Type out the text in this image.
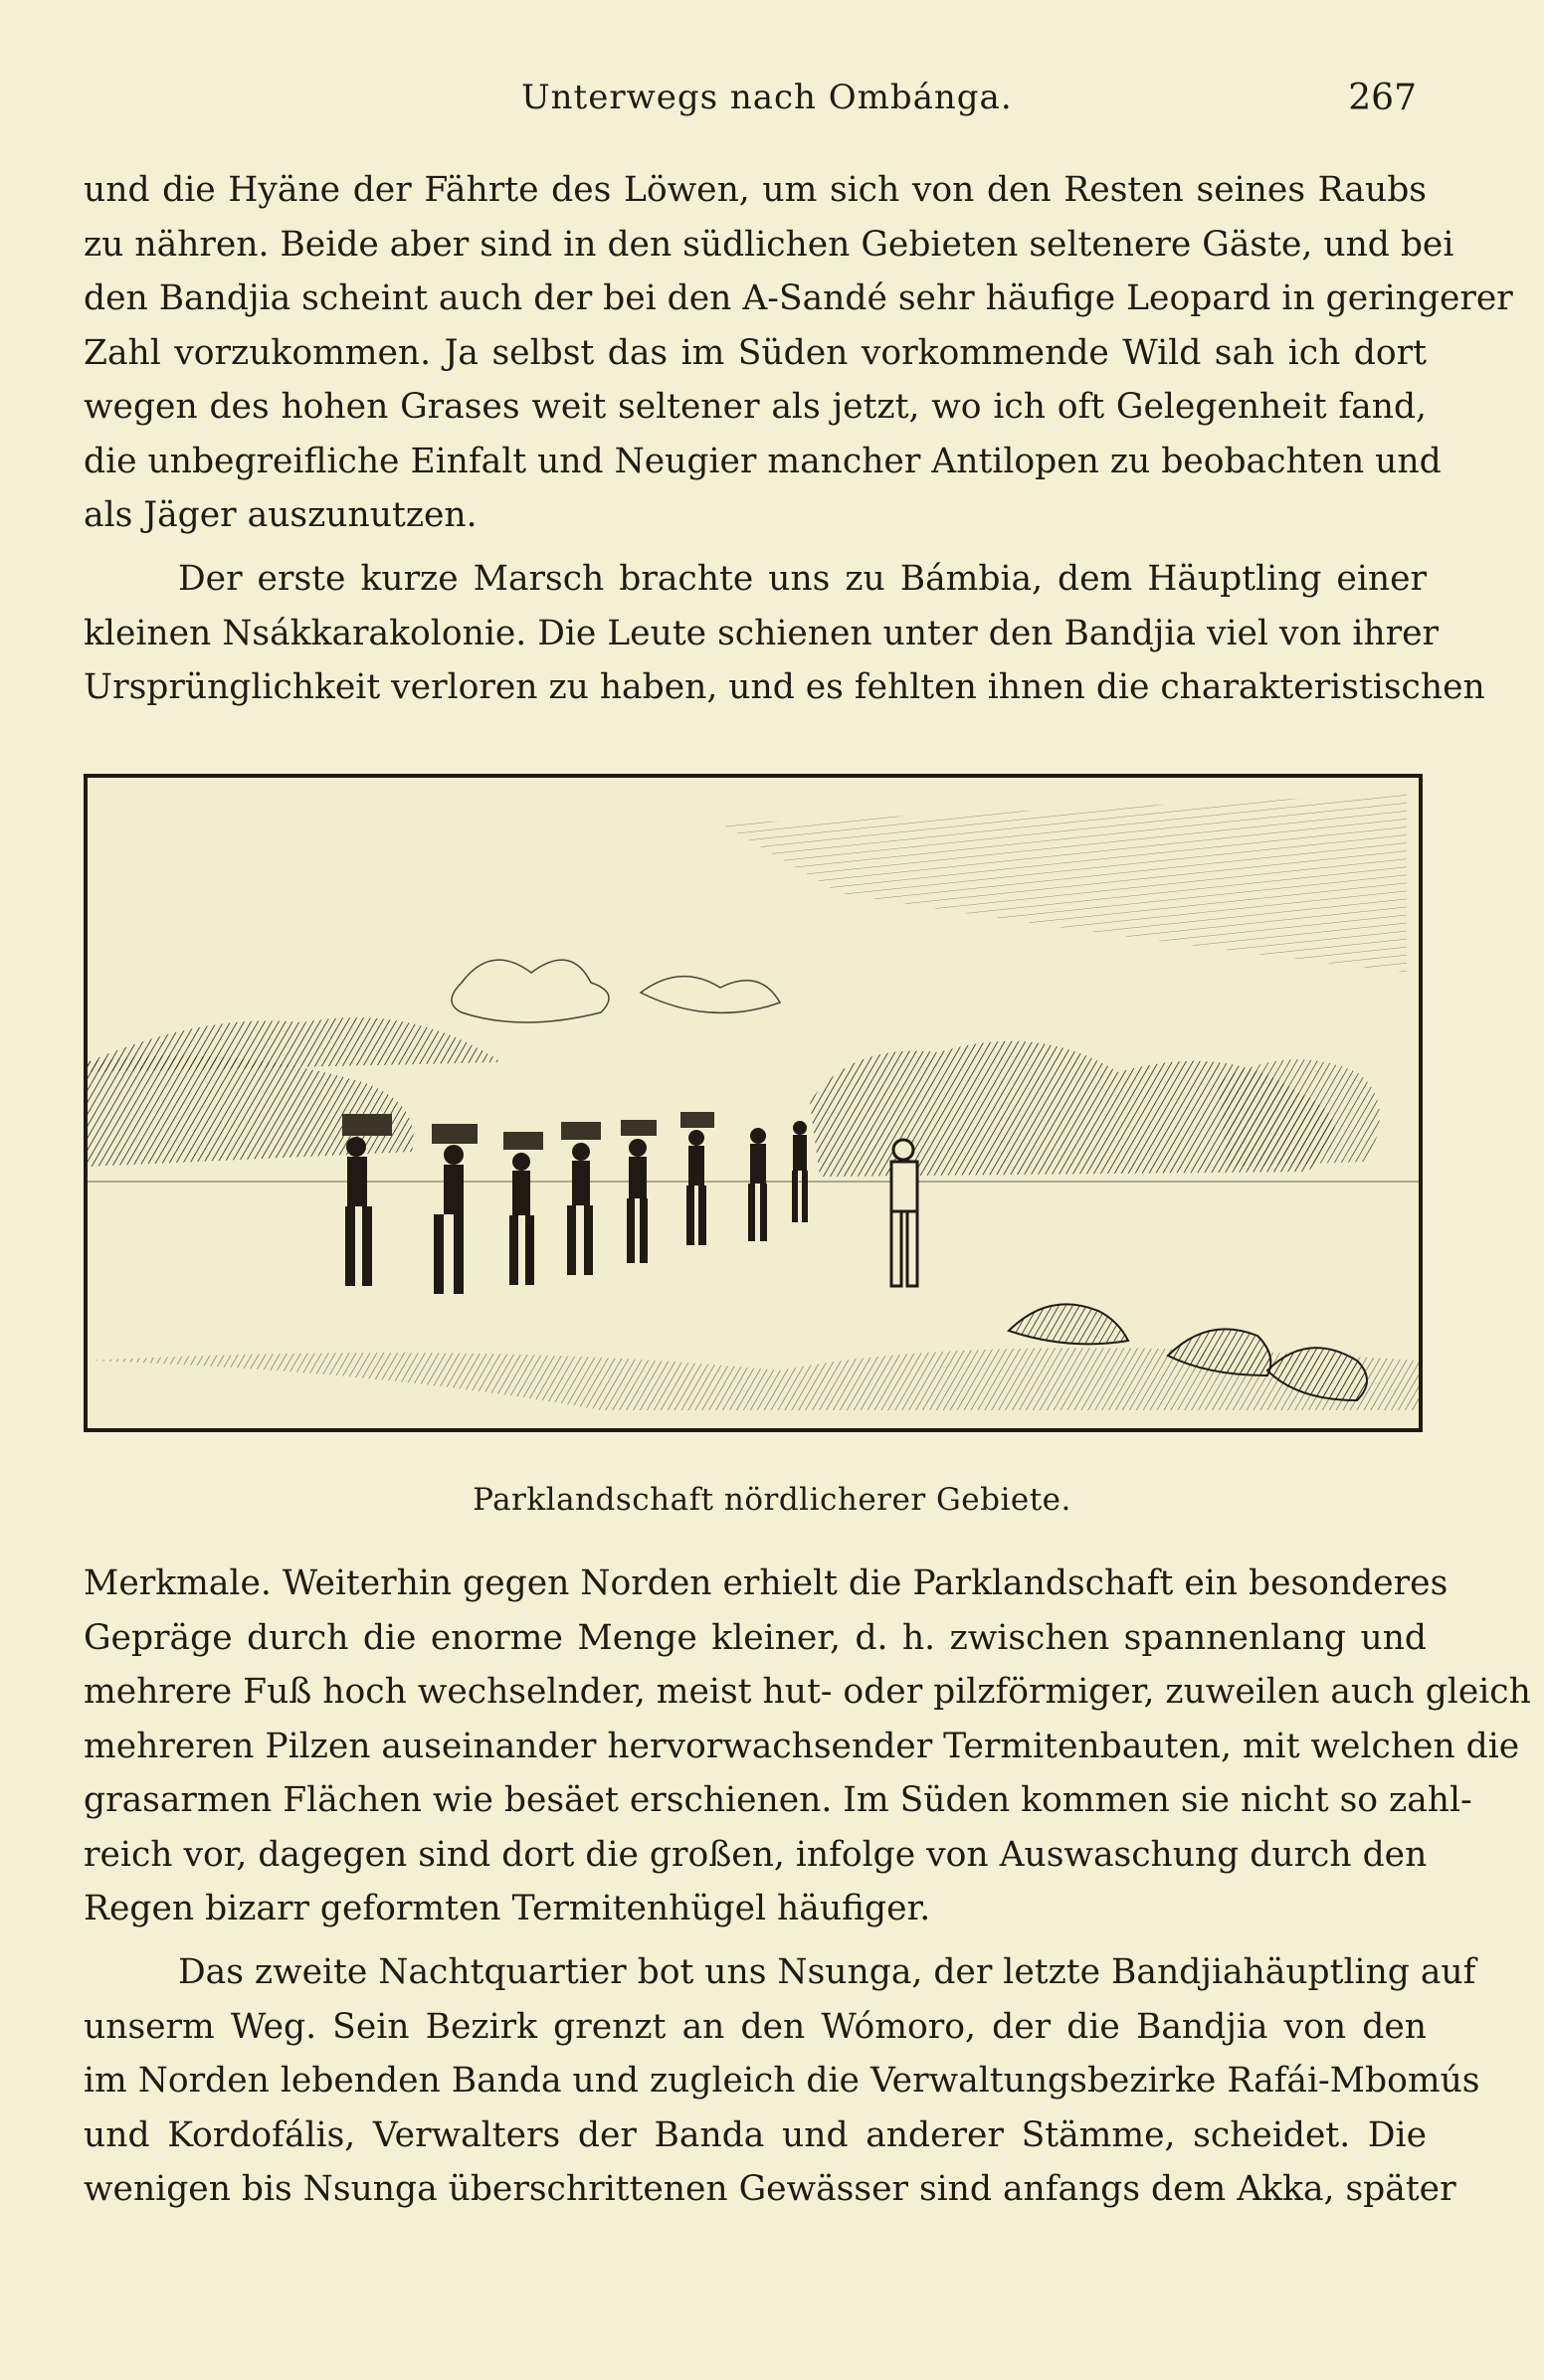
Unterwegs nach Ombánga.	267
und die Hyäne der Fährte des Löwen, um sich von den Resten seines Raubs
zu nähren. Beide aber sind in den südlichen Gebieten seltenere Gäste, und bei
den Bandjia scheint auch der bei den A-Sandé sehr häufige Leopard in geringerer
Zahl vorzukommen. Ja selbst das im Süden vorkommende Wild sah ich dort
wegen des hohen Grases weit seltener als jetzt, wo ich oft Gelegenheit fand,
die unbegreifliche Einfalt und Neugier mancher Antilopen zu beobachten und
als Jäger auszunutzen.
Der erste kurze Marsch brachte uns zu Bámbia, dem Häuptling einer
kleinen Nsákkarakolonie. Die Leute schienen unter den Bandjia viel von ihrer
Ursprünglichkeit verloren zu haben, und es fehlten ihnen die charakteristischen
Parklandschaft nördlicherer Gebiete.
Merkmale. Weiterhin gegen Norden erhielt die Parklandschaft ein besonderes
Gepräge durch die enorme Menge kleiner, d. h. zwischen spannenlang und
mehrere Fuß hoch wechselnder, meist hut- oder pilzförmiger, zuweilen auch gleich
mehreren Pilzen auseinander hervorwachsender Termitenbauten, mit welchen die
grasarmen Flächen wie besäet erschienen. Im Süden kommen sie nicht so zahl-
reich vor, dagegen sind dort die großen, infolge von Auswaschung durch den
Regen bizarr geformten Termitenhügel häufiger.
Das zweite Nachtquartier bot uns Nsunga, der letzte Bandjiahäuptling auf
unserm Weg. Sein Bezirk grenzt an den Wómoro, der die Bandjia von den
im Norden lebenden Banda und zugleich die Verwaltungsbezirke Rafái-Mbomús
und Kordofális, Verwalters der Banda und anderer Stämme, scheidet. Die
wenigen bis Nsunga überschrittenen Gewässer sind anfangs dem Akka, später
